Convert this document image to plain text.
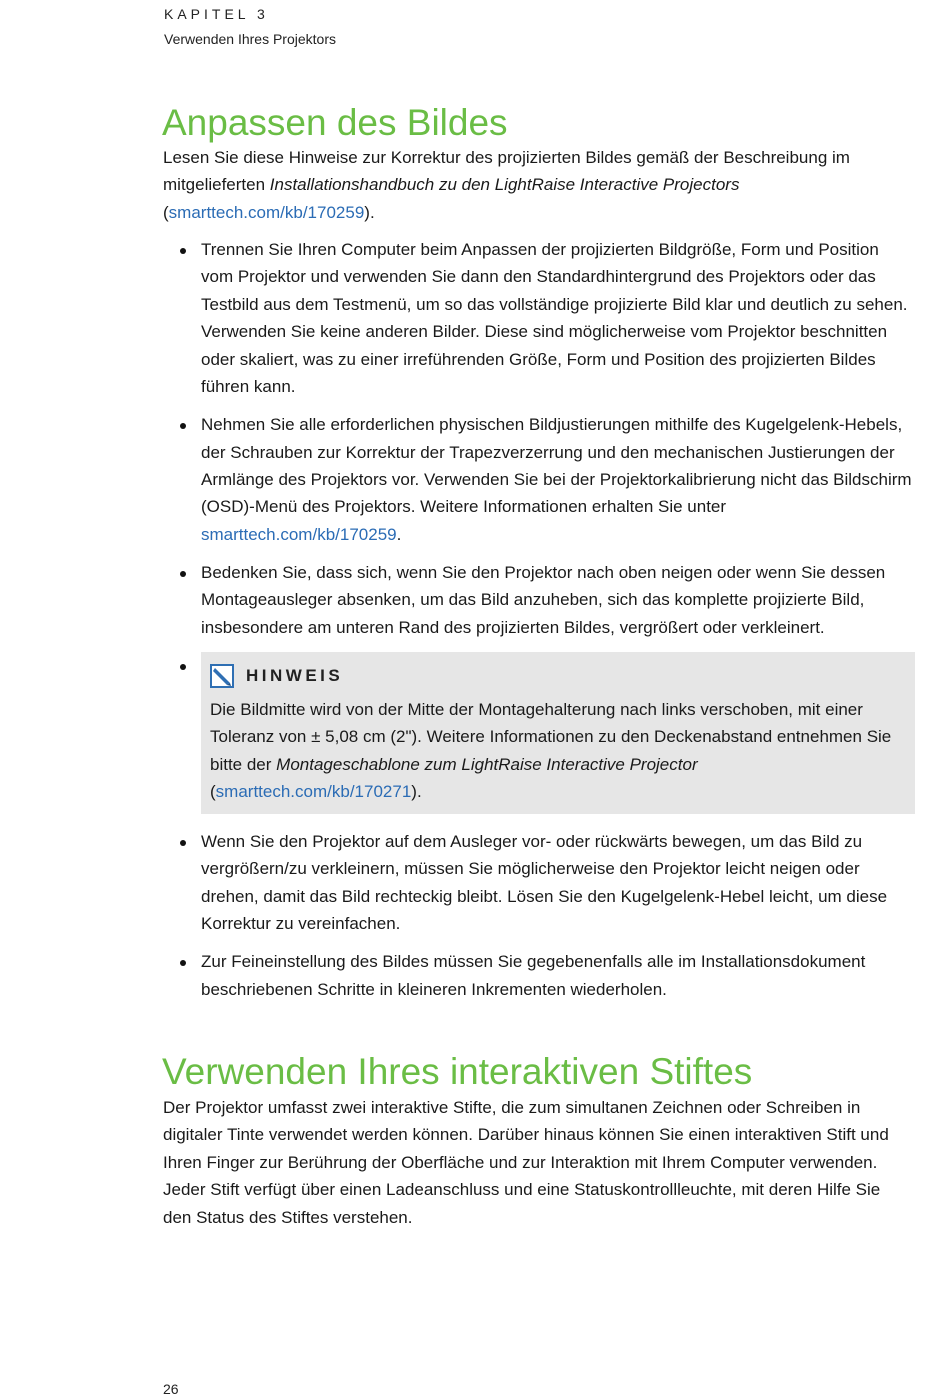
KAPITEL 3
Verwenden Ihres Projektors
Anpassen des Bildes

Lesen Sie diese Hinweise zur Korrektur des projizierten Bildes gemäß der Beschreibung im mitgelieferten Installationshandbuch zu den LightRaise Interactive Projectors (smarttech.com/kb/170259).

Trennen Sie Ihren Computer beim Anpassen der projizierten Bildgröße, Form und Position vom Projektor und verwenden Sie dann den Standardhintergrund des Projektors oder das Testbild aus dem Testmenü, um so das vollständige projizierte Bild klar und deutlich zu sehen. Verwenden Sie keine anderen Bilder. Diese sind möglicherweise vom Projektor beschnitten oder skaliert, was zu einer irreführenden Größe, Form und Position des projizierten Bildes führen kann.
Nehmen Sie alle erforderlichen physischen Bildjustierungen mithilfe des Kugelgelenk-Hebels, der Schrauben zur Korrektur der Trapezverzerrung und den mechanischen Justierungen der Armlänge des Projektors vor. Verwenden Sie bei der Projektorkalibrierung nicht das Bildschirm (OSD)-Menü des Projektors. Weitere Informationen erhalten Sie unter smarttech.com/kb/170259.
Bedenken Sie, dass sich, wenn Sie den Projektor nach oben neigen oder wenn Sie dessen Montageausleger absenken, um das Bild anzuheben, sich das komplette projizierte Bild, insbesondere am unteren Rand des projizierten Bildes, vergrößert oder verkleinert.
HINWEIS
Die Bildmitte wird von der Mitte der Montagehalterung nach links verschoben, mit einer Toleranz von ± 5,08 cm (2"). Weitere Informationen zu den Deckenabstand entnehmen Sie bitte der Montageschablone zum LightRaise Interactive Projector
(smarttech.com/kb/170271).
Wenn Sie den Projektor auf dem Ausleger vor- oder rückwärts bewegen, um das Bild zu vergrößern/zu verkleinern, müssen Sie möglicherweise den Projektor leicht neigen oder drehen, damit das Bild rechteckig bleibt. Lösen Sie den Kugelgelenk-Hebel leicht, um diese Korrektur zu vereinfachen.
Zur Feineinstellung des Bildes müssen Sie gegebenenfalls alle im Installationsdokument beschriebenen Schritte in kleineren Inkrementen wiederholen.
Verwenden Ihres interaktiven Stiftes

Der Projektor umfasst zwei interaktive Stifte, die zum simultanen Zeichnen oder Schreiben in digitaler Tinte verwendet werden können. Darüber hinaus können Sie einen interaktiven Stift und Ihren Finger zur Berührung der Oberfläche und zur Interaktion mit Ihrem Computer verwenden. Jeder Stift verfügt über einen Ladeanschluss und eine Statuskontrollleuchte, mit deren Hilfe Sie den Status des Stiftes verstehen.

26
